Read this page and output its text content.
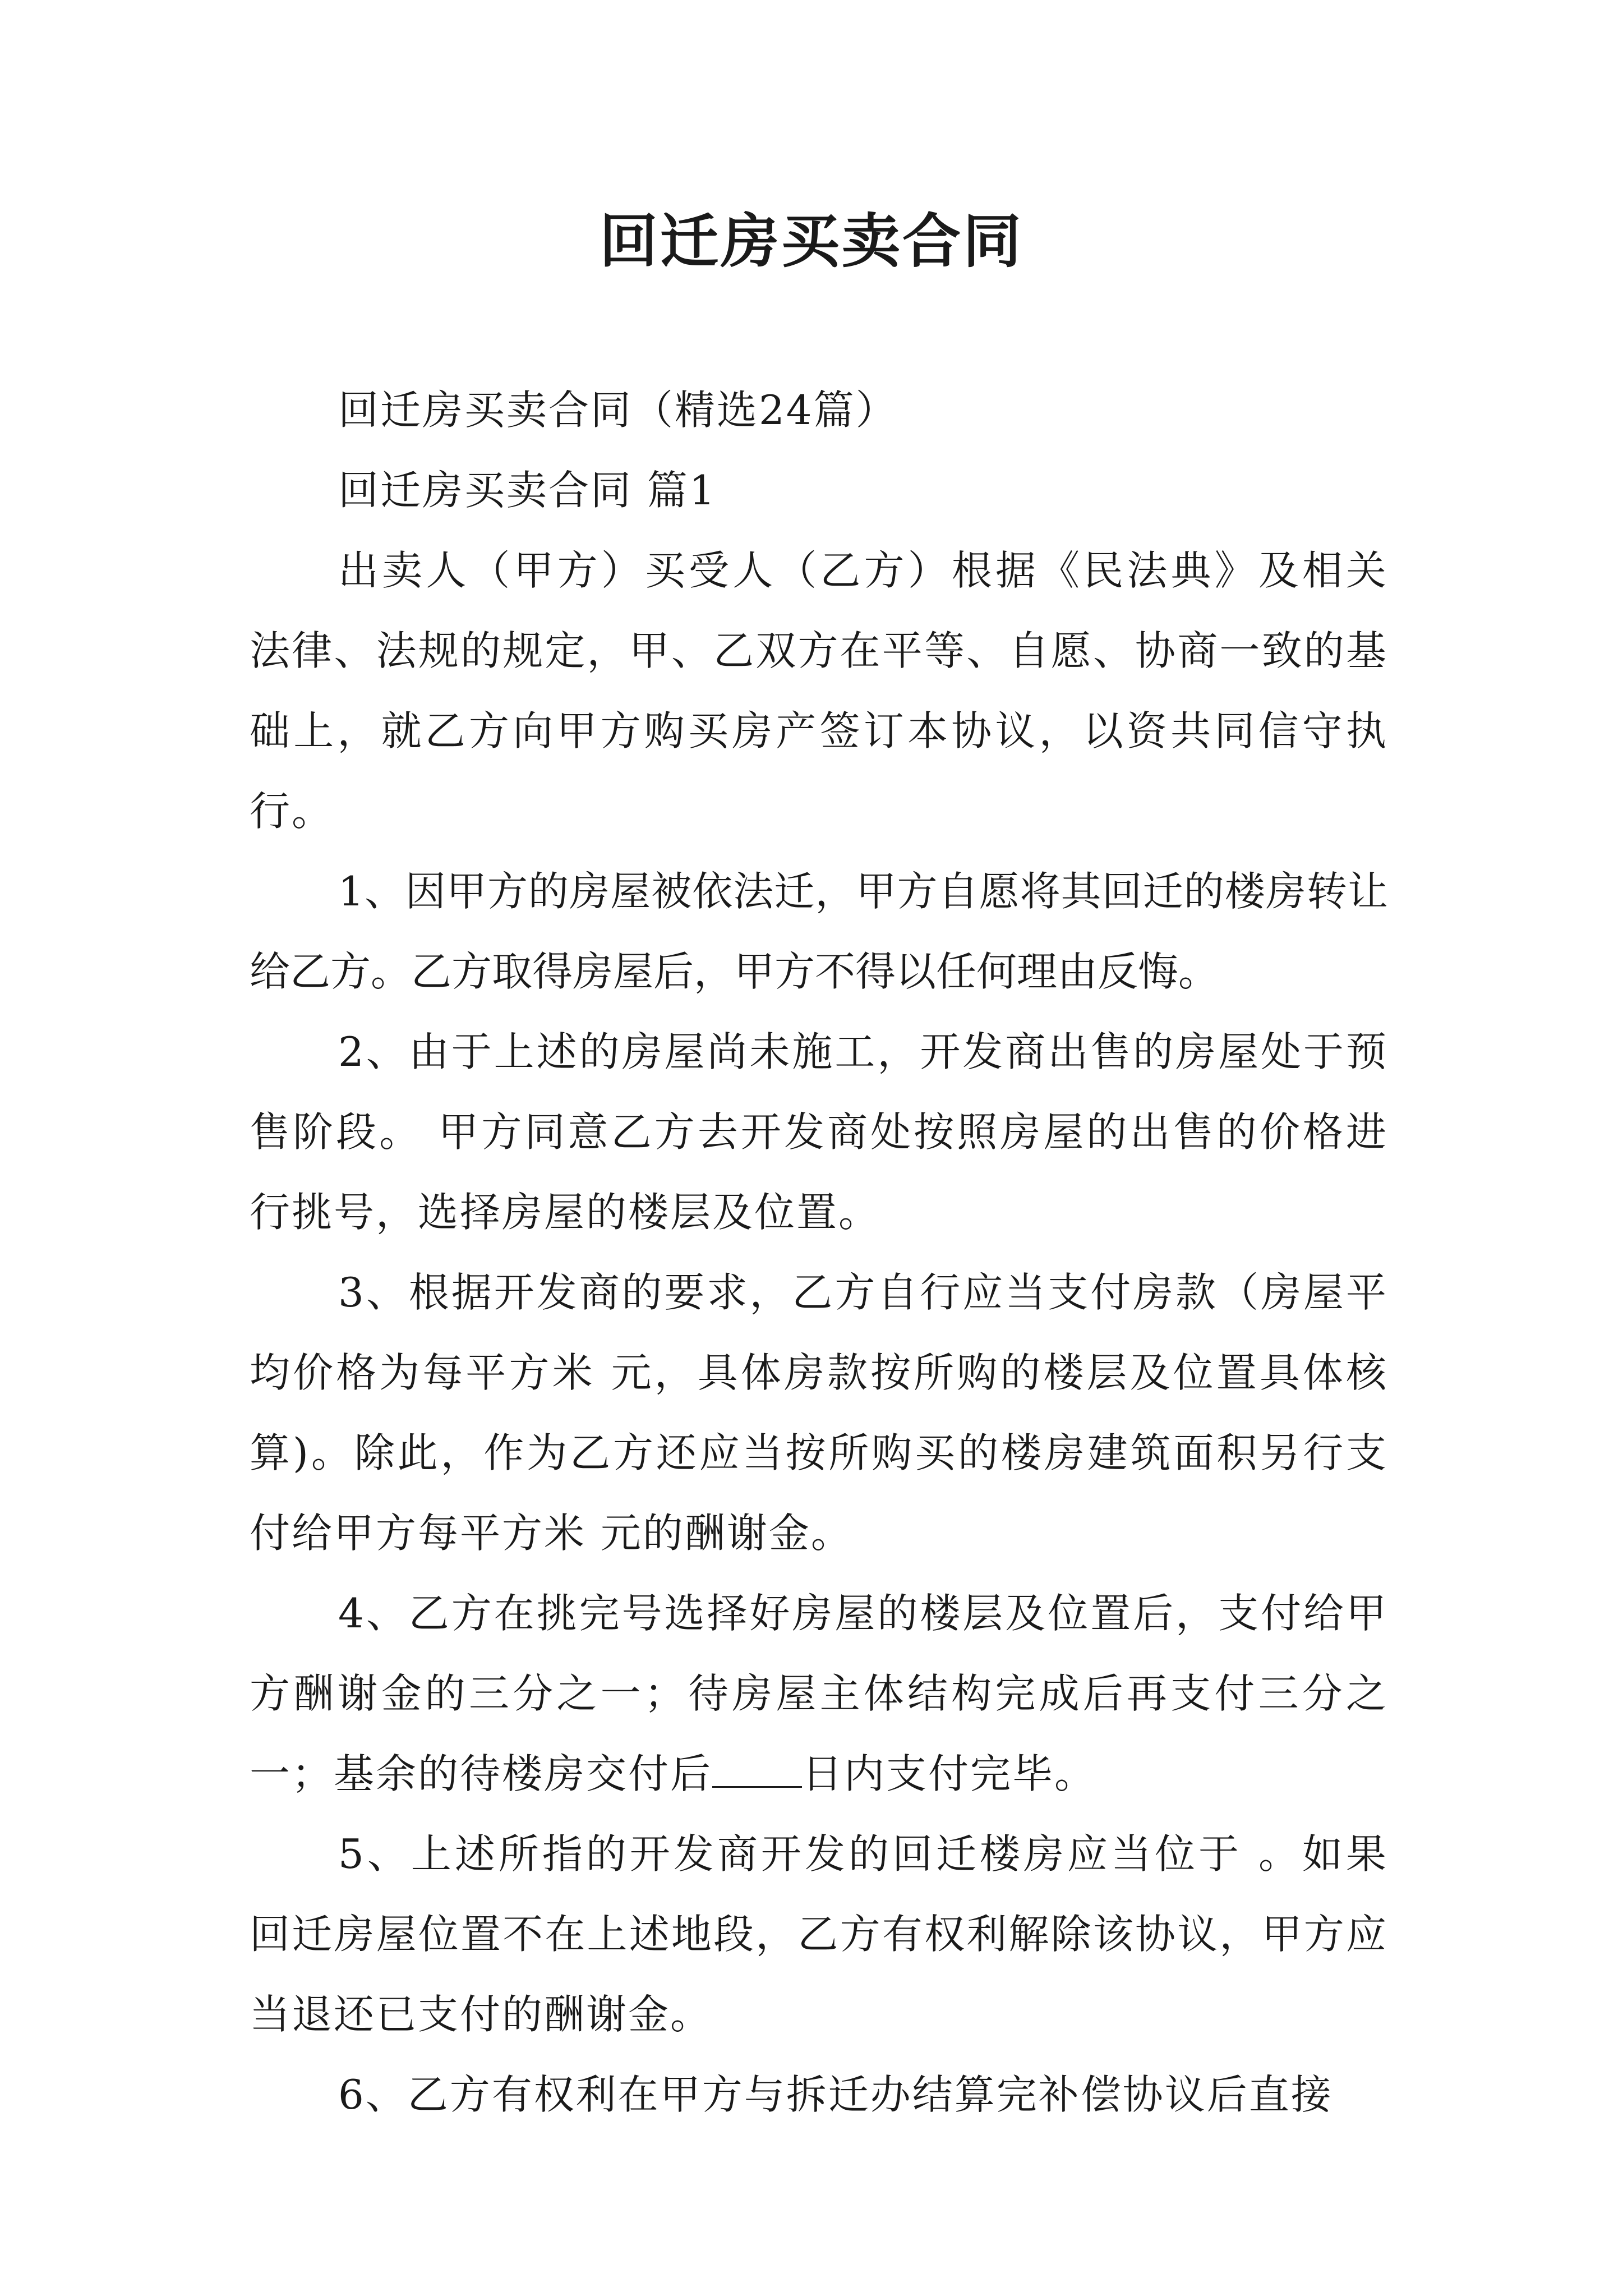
回迁房买卖合同

回迁房买卖合同（精选24篇）

回迁房买卖合同 篇1

出卖人（甲方）买受人（乙方）根据《民法典》及相关法律、法规的规定，甲、乙双方在平等、自愿、协商一致的基础上，就乙方向甲方购买房产签订本协议，以资共同信守执行。

1、因甲方的房屋被依法迁，甲方自愿将其回迁的楼房转让给乙方。乙方取得房屋后，甲方不得以任何理由反悔。

2、由于上述的房屋尚未施工，开发商出售的房屋处于预售阶段。 甲方同意乙方去开发商处按照房屋的出售的价格进行挑号，选择房屋的楼层及位置。

3、根据开发商的要求，乙方自行应当支付房款（房屋平均价格为每平方米 元，具体房款按所购的楼层及位置具体核算)。除此，作为乙方还应当按所购买的楼房建筑面积另行支付给甲方每平方米 元的酬谢金。

4、乙方在挑完号选择好房屋的楼层及位置后，支付给甲方酬谢金的三分之一；待房屋主体结构完成后再支付三分之一；基余的待楼房交付后 日内支付完毕。

5、上述所指的开发商开发的回迁楼房应当位于 。如果回迁房屋位置不在上述地段，乙方有权利解除该协议，甲方应当退还已支付的酬谢金。

6、乙方有权利在甲方与拆迁办结算完补偿协议后直接
